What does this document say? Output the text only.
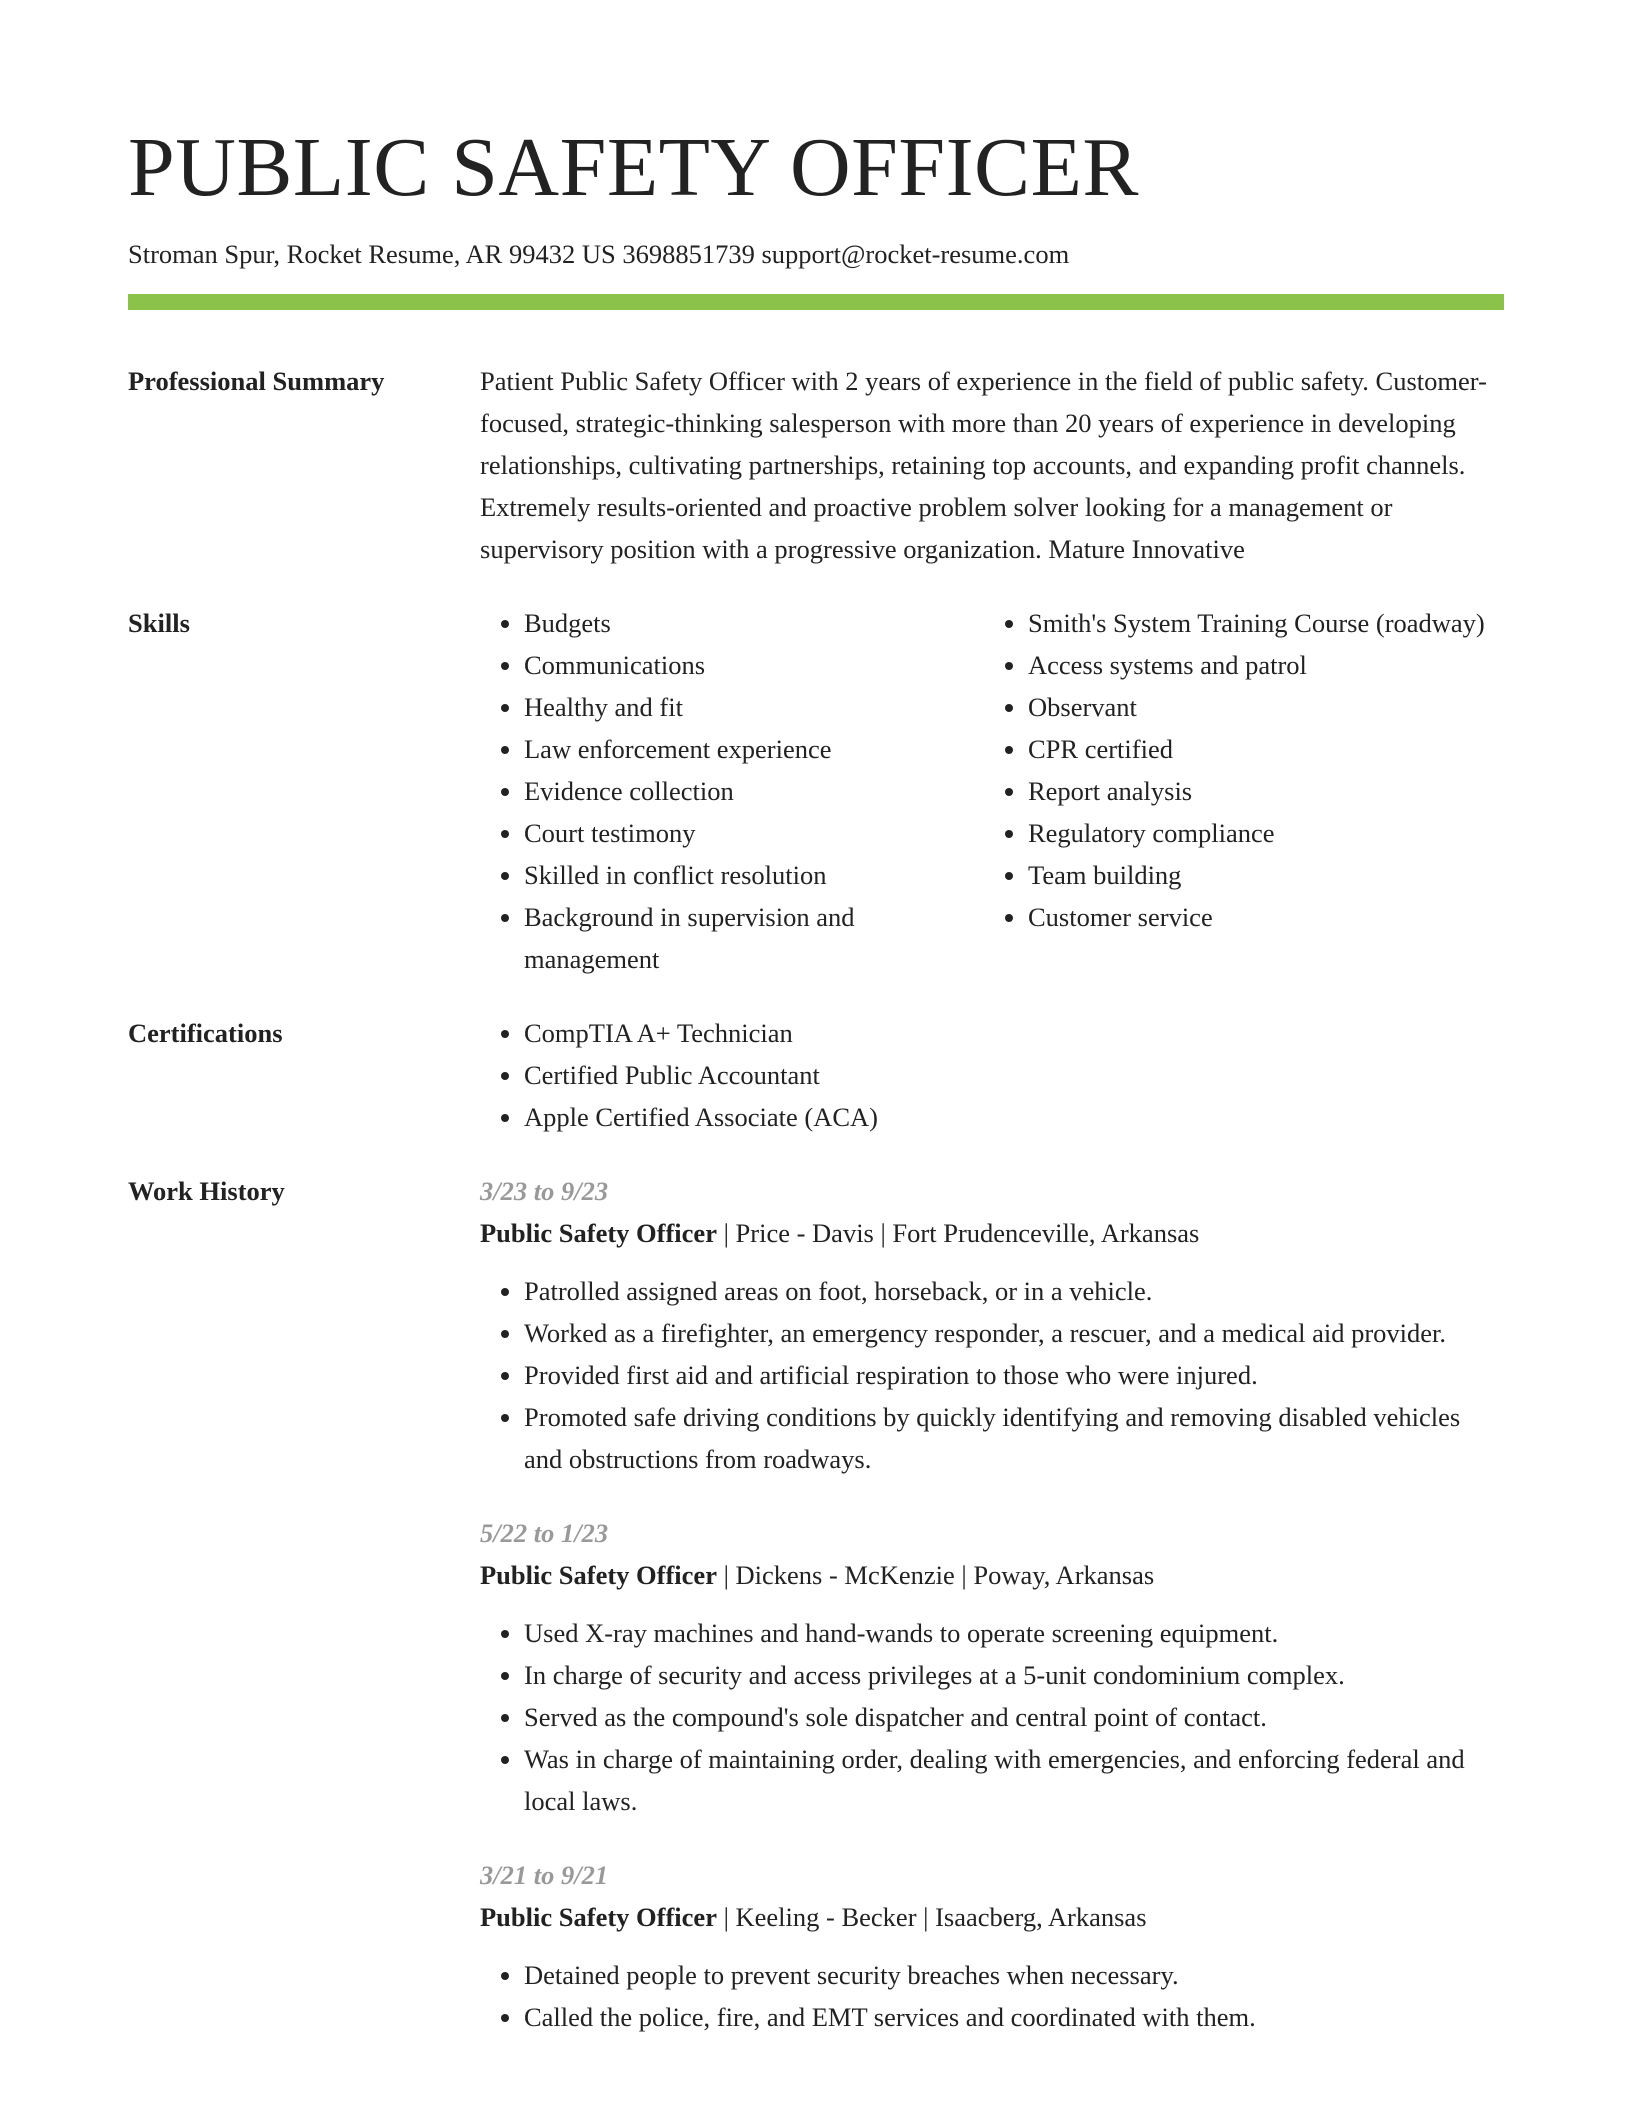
PUBLIC SAFETY OFFICER
Stroman Spur, Rocket Resume, AR 99432 US 3698851739 support@rocket-resume.com
Professional Summary	Patient Public Safety Officer with 2 years of experience in the field of public safety. Customer-focused, strategic-thinking salesperson with more than 20 years of experience in developing relationships, cultivating partnerships, retaining top accounts, and expanding profit channels. Extremely results-oriented and proactive problem solver looking for a management or supervisory position with a progressive organization. Mature Innovative
Skills	• Budgets
• Communications
• Healthy and fit
• Law enforcement experience
• Evidence collection
• Court testimony
• Skilled in conflict resolution
• Background in supervision and management
• Smith's System Training Course (roadway)
• Access systems and patrol
• Observant
• CPR certified
• Report analysis
• Regulatory compliance
• Team building
• Customer service
Certifications	• CompTIA A+ Technician
• Certified Public Accountant
• Apple Certified Associate (ACA)
Work History	3/23 to 9/23
Public Safety Officer | Price - Davis | Fort Prudenceville, Arkansas
• Patrolled assigned areas on foot, horseback, or in a vehicle.
• Worked as a firefighter, an emergency responder, a rescuer, and a medical aid provider.
• Provided first aid and artificial respiration to those who were injured.
• Promoted safe driving conditions by quickly identifying and removing disabled vehicles and obstructions from roadways.
5/22 to 1/23
Public Safety Officer | Dickens - McKenzie | Poway, Arkansas
• Used X-ray machines and hand-wands to operate screening equipment.
• In charge of security and access privileges at a 5-unit condominium complex.
• Served as the compound's sole dispatcher and central point of contact.
• Was in charge of maintaining order, dealing with emergencies, and enforcing federal and local laws.
3/21 to 9/21
Public Safety Officer | Keeling - Becker | Isaacberg, Arkansas
• Detained people to prevent security breaches when necessary.
• Called the police, fire, and EMT services and coordinated with them.
